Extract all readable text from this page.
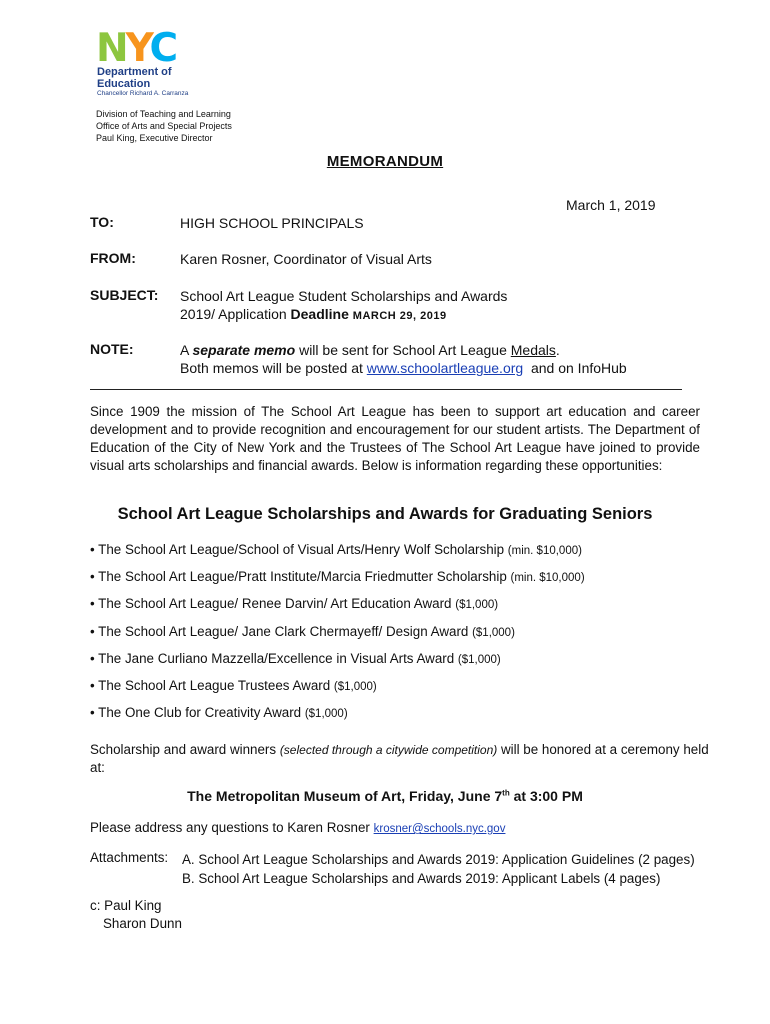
NYC
Department of
Education
Chancellor Richard A. Carranza
Division of Teaching and Learning
Office of Arts and Special Projects
Paul King, Executive Director
MEMORANDUM
March 1, 2019
TO:	HIGH SCHOOL PRINCIPALS
FROM:	Karen Rosner, Coordinator of Visual Arts
SUBJECT: School Art League Student Scholarships and Awards
2019/ Application Deadline MARCH 29, 2019
NOTE:	A separate memo will be sent for School Art League Medals.
Both memos will be posted at www.schoolartleague.org  and on InfoHub
Since 1909 the mission of The School Art League has been to support art education and career development and to provide recognition and encouragement for our student artists. The Department of Education of the City of New York and the Trustees of The School Art League have joined to provide visual arts scholarships and financial awards. Below is information regarding these opportunities:
School Art League Scholarships and Awards for Graduating Seniors
• The School Art League/School of Visual Arts/Henry Wolf Scholarship (min. $10,000)
• The School Art League/Pratt Institute/Marcia Friedmutter Scholarship (min. $10,000)
• The School Art League/ Renee Darvin/ Art Education Award ($1,000)
• The School Art League/ Jane Clark Chermayeff/ Design Award ($1,000)
• The Jane Curliano Mazzella/Excellence in Visual Arts Award ($1,000)
• The School Art League Trustees Award ($1,000)
• The One Club for Creativity Award ($1,000)
Scholarship and award winners (selected through a citywide competition) will be honored at a ceremony held at:
The Metropolitan Museum of Art, Friday, June 7th at 3:00 PM
Please address any questions to Karen Rosner krosner@schools.nyc.gov
Attachments: A. School Art League Scholarships and Awards 2019: Application Guidelines (2 pages)
B. School Art League Scholarships and Awards 2019: Applicant Labels (4 pages)
c: Paul King
Sharon Dunn
